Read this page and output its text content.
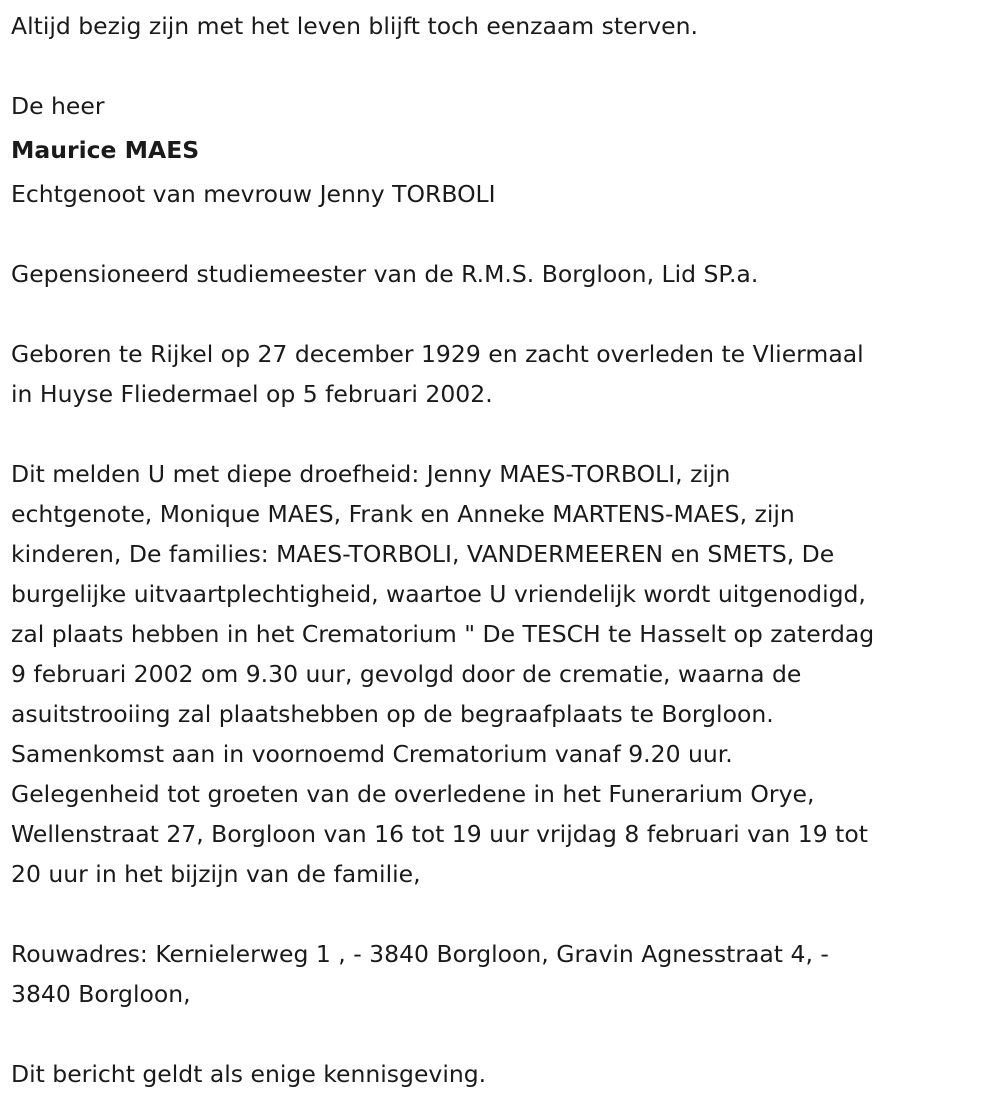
Altijd bezig zijn met het leven blijft toch eenzaam sterven.

De heer

Maurice MAES

Echtgenoot van mevrouw Jenny TORBOLI

Gepensioneerd studiemeester van de R.M.S. Borgloon, Lid SP.a.

Geboren te Rijkel op 27 december 1929 en zacht overleden te Vliermaal
in Huyse Fliedermael op 5 februari 2002.
Dit melden U met diepe droefheid: Jenny MAES-TORBOLI, zijn
echtgenote, Monique MAES, Frank en Anneke MARTENS-MAES, zijn
kinderen, De families: MAES-TORBOLI, VANDERMEEREN en SMETS, De
burgelijke uitvaartplechtigheid, waartoe U vriendelijk wordt uitgenodigd,
zal plaats hebben in het Crematorium " De TESCH te Hasselt op zaterdag
9 februari 2002 om 9.30 uur, gevolgd door de crematie, waarna de
asuitstrooiing zal plaatshebben op de begraafplaats te Borgloon.
Samenkomst aan in voornoemd Crematorium vanaf 9.20 uur.
Gelegenheid tot groeten van de overledene in het Funerarium Orye,
Wellenstraat 27, Borgloon van 16 tot 19 uur vrijdag 8 februari van 19 tot
20 uur in het bijzijn van de familie,
Rouwadres: Kernielerweg 1 , - 3840 Borgloon, Gravin Agnesstraat 4, -
3840 Borgloon,

Dit bericht geldt als enige kennisgeving.
